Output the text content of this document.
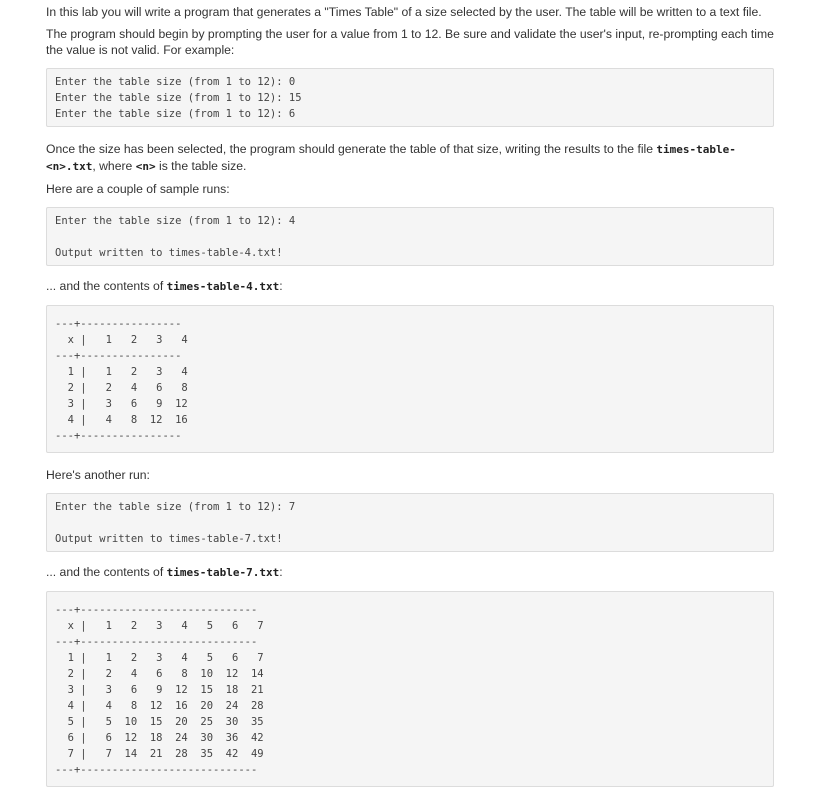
In this lab you will write a program that generates a "Times Table" of a size selected by the user. The table will be written to a text file.

The program should begin by prompting the user for a value from 1 to 12. Be sure and validate the user's input, re-prompting each time the value is not valid. For example:

Enter the table size (from 1 to 12): 0
Enter the table size (from 1 to 12): 15
Enter the table size (from 1 to 12): 6

Once the size has been selected, the program should generate the table of that size, writing the results to the file times-table-<n>.txt, where <n> is the table size.

Here are a couple of sample runs:

Enter the table size (from 1 to 12): 4

Output written to times-table-4.txt!

... and the contents of times-table-4.txt:

---+----------------
x |   1   2   3   4
---+----------------
1 |   1   2   3   4
2 |   2   4   6   8
3 |   3   6   9  12
4 |   4   8  12  16
---+----------------

Here's another run:

Enter the table size (from 1 to 12): 7

Output written to times-table-7.txt!

... and the contents of times-table-7.txt:

---+----------------------------
x |   1   2   3   4   5   6   7
---+----------------------------
1 |   1   2   3   4   5   6   7
2 |   2   4   6   8  10  12  14
3 |   3   6   9  12  15  18  21
4 |   4   8  12  16  20  24  28
5 |   5  10  15  20  25  30  35
6 |   6  12  18  24  30  36  42
7 |   7  14  21  28  35  42  49
---+----------------------------
